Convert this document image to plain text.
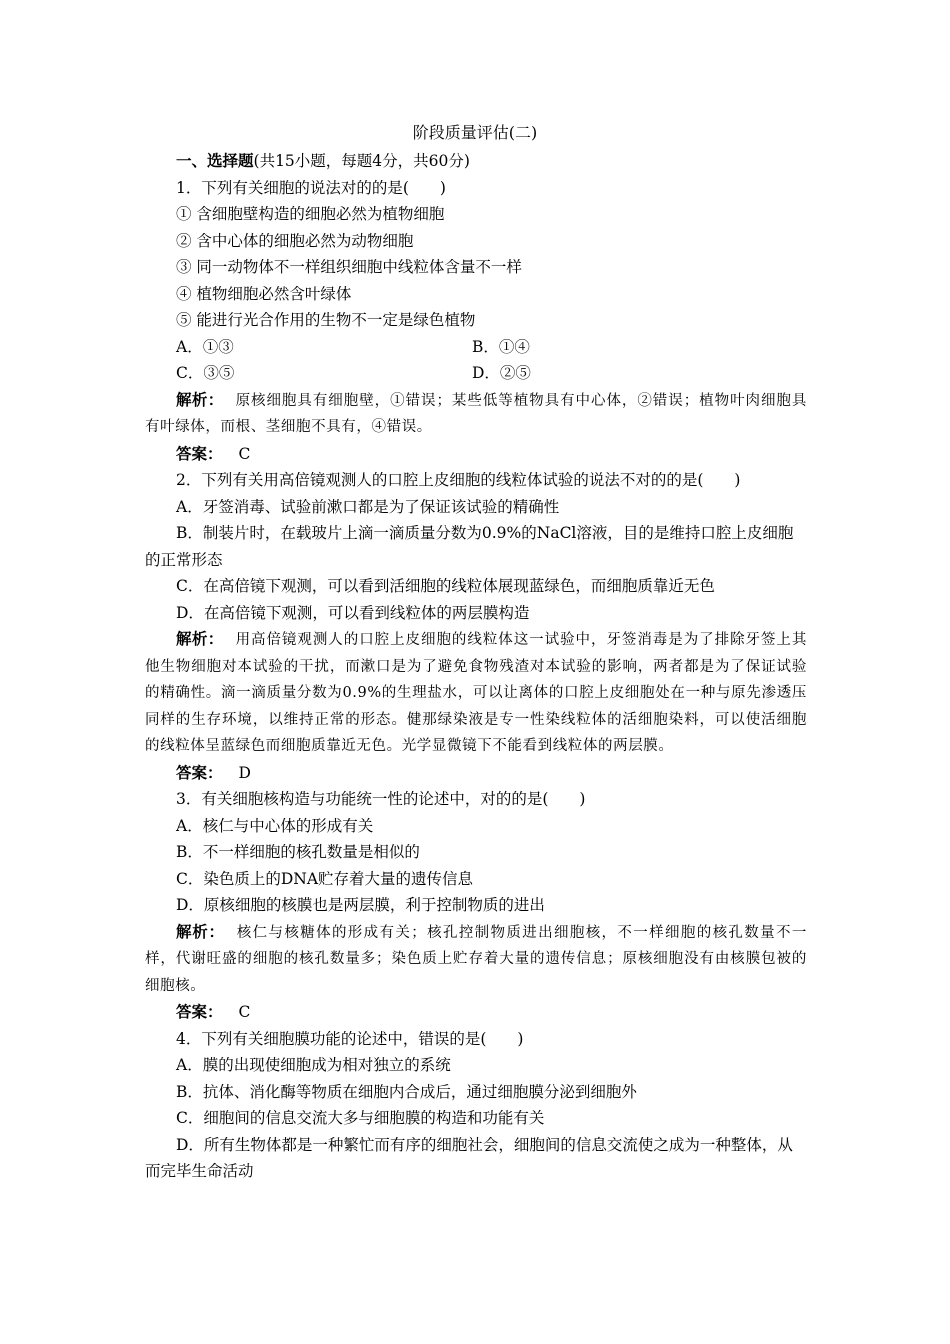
阶段质量评估(二)

一、选择题(共15小题，每题4分，共60分)

1．下列有关细胞的说法对的的是(　　)

① 含细胞壁构造的细胞必然为植物细胞

② 含中心体的细胞必然为动物细胞

③ 同一动物体不一样组织细胞中线粒体含量不一样

④ 植物细胞必然含叶绿体

⑤ 能进行光合作用的生物不一定是绿色植物

A．①③	B．①④
C．③⑤	D．②⑤

解析： 原核细胞具有细胞壁，①错误；某些低等植物具有中心体，②错误；植物叶肉细胞具有叶绿体，而根、茎细胞不具有，④错误。

答案： C

2．下列有关用高倍镜观测人的口腔上皮细胞的线粒体试验的说法不对的的是(　　)

A．牙签消毒、试验前漱口都是为了保证该试验的精确性

B．制装片时，在载玻片上滴一滴质量分数为0.9%的NaCl溶液，目的是维持口腔上皮细胞的正常形态

C．在高倍镜下观测，可以看到活细胞的线粒体展现蓝绿色，而细胞质靠近无色

D．在高倍镜下观测，可以看到线粒体的两层膜构造

解析： 用高倍镜观测人的口腔上皮细胞的线粒体这一试验中，牙签消毒是为了排除牙签上其他生物细胞对本试验的干扰，而漱口是为了避免食物残渣对本试验的影响，两者都是为了保证试验的精确性。滴一滴质量分数为0.9%的生理盐水，可以让离体的口腔上皮细胞处在一种与原先渗透压同样的生存环境，以维持正常的形态。健那绿染液是专一性染线粒体的活细胞染料，可以使活细胞的线粒体呈蓝绿色而细胞质靠近无色。光学显微镜下不能看到线粒体的两层膜。

答案： D

3．有关细胞核构造与功能统一性的论述中，对的的是(　　)

A．核仁与中心体的形成有关

B．不一样细胞的核孔数量是相似的

C．染色质上的DNA贮存着大量的遗传信息

D．原核细胞的核膜也是两层膜，利于控制物质的进出

解析： 核仁与核糖体的形成有关；核孔控制物质进出细胞核，不一样细胞的核孔数量不一样，代谢旺盛的细胞的核孔数量多；染色质上贮存着大量的遗传信息；原核细胞没有由核膜包被的细胞核。

答案： C

4．下列有关细胞膜功能的论述中，错误的是(　　)

A．膜的出现使细胞成为相对独立的系统

B．抗体、消化酶等物质在细胞内合成后，通过细胞膜分泌到细胞外

C．细胞间的信息交流大多与细胞膜的构造和功能有关

D．所有生物体都是一种繁忙而有序的细胞社会，细胞间的信息交流使之成为一种整体，从而完毕生命活动
